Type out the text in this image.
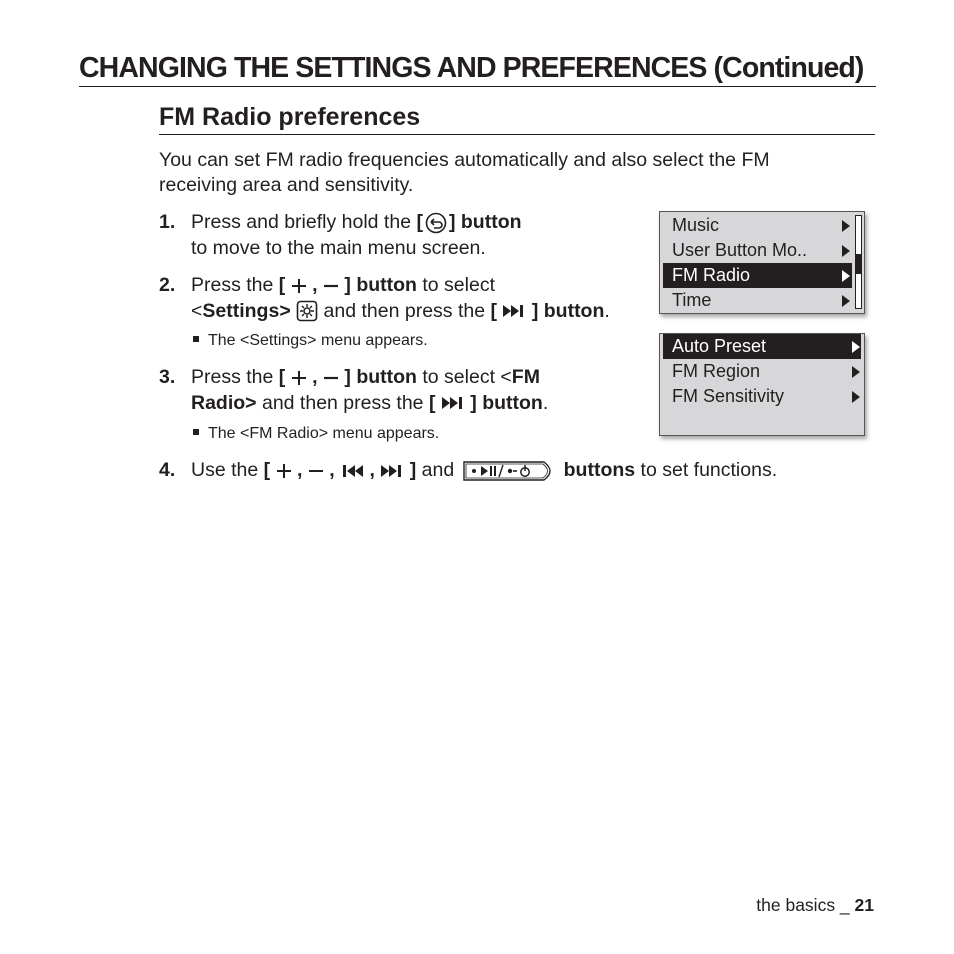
CHANGING THE SETTINGS AND PREFERENCES (Continued)
FM Radio preferences
You can set FM radio frequencies automatically and also select the FM
receiving area and sensitivity.
1. Press and briefly hold the [ ] button
to move to the main menu screen.
2. Press the [  ,  ] button to select
<Settings>  and then press the [  ] button.
The <Settings> menu appears.
3. Press the [  ,  ] button to select <FM
Radio> and then press the [  ] button.
The <FM Radio> menu appears.
4. Use the [  ,  ,  ,  ] and	buttons to set functions.
Music
User Button Mo..
FM Radio
Time
Auto Preset
FM Region
FM Sensitivity
the basics _ 21
